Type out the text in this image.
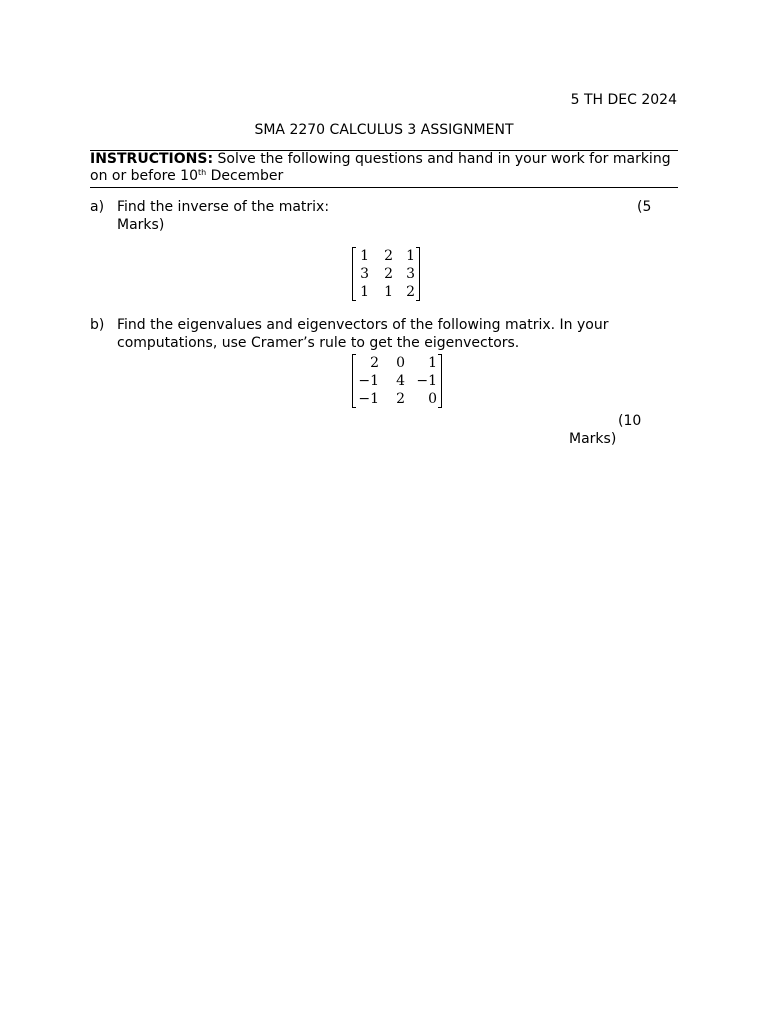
5 TH DEC 2024
SMA 2270 CALCULUS 3 ASSIGNMENT
INSTRUCTIONS: Solve the following questions and hand in your work for marking on or before 10th December
a) Find the inverse of the matrix:	(5
Marks)
1	2 1
3	2 3
1	1 2
b) Find the eigenvalues and eigenvectors of the following matrix. In your
computations, use Cramer’s rule to get the eigenvectors.
2	0	1
−1	4 −1
−1	2	0
(10
Marks)
